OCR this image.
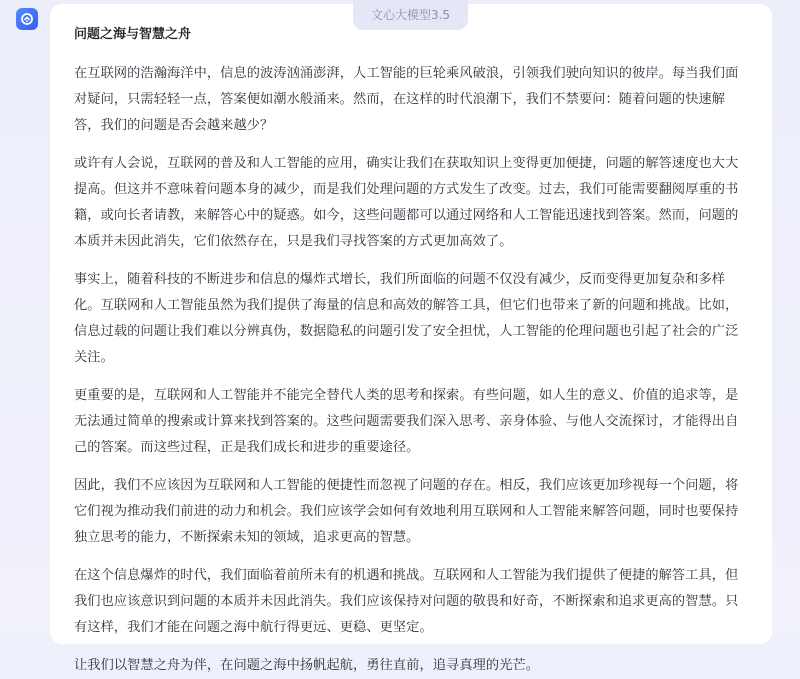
文心大模型3.5
问题之海与智慧之舟

在互联网的浩瀚海洋中，信息的波涛汹涌澎湃，人工智能的巨轮乘风破浪，引领我们驶向知识的彼岸。每当我们面对疑问，只需轻轻一点，答案便如潮水般涌来。然而，在这样的时代浪潮下，我们不禁要问：随着问题的快速解答，我们的问题是否会越来越少？

或许有人会说，互联网的普及和人工智能的应用，确实让我们在获取知识上变得更加便捷，问题的解答速度也大大提高。但这并不意味着问题本身的减少，而是我们处理问题的方式发生了改变。过去，我们可能需要翻阅厚重的书籍，或向长者请教，来解答心中的疑惑。如今，这些问题都可以通过网络和人工智能迅速找到答案。然而，问题的本质并未因此消失，它们依然存在，只是我们寻找答案的方式更加高效了。

事实上，随着科技的不断进步和信息的爆炸式增长，我们所面临的问题不仅没有减少，反而变得更加复杂和多样化。互联网和人工智能虽然为我们提供了海量的信息和高效的解答工具，但它们也带来了新的问题和挑战。比如，信息过载的问题让我们难以分辨真伪，数据隐私的问题引发了安全担忧，人工智能的伦理问题也引起了社会的广泛关注。

更重要的是，互联网和人工智能并不能完全替代人类的思考和探索。有些问题，如人生的意义、价值的追求等，是无法通过简单的搜索或计算来找到答案的。这些问题需要我们深入思考、亲身体验、与他人交流探讨，才能得出自己的答案。而这些过程，正是我们成长和进步的重要途径。

因此，我们不应该因为互联网和人工智能的便捷性而忽视了问题的存在。相反，我们应该更加珍视每一个问题，将它们视为推动我们前进的动力和机会。我们应该学会如何有效地利用互联网和人工智能来解答问题，同时也要保持独立思考的能力，不断探索未知的领域，追求更高的智慧。

在这个信息爆炸的时代，我们面临着前所未有的机遇和挑战。互联网和人工智能为我们提供了便捷的解答工具，但我们也应该意识到问题的本质并未因此消失。我们应该保持对问题的敬畏和好奇，不断探索和追求更高的智慧。只有这样，我们才能在问题之海中航行得更远、更稳、更坚定。

让我们以智慧之舟为伴，在问题之海中扬帆起航，勇往直前，追寻真理的光芒。
